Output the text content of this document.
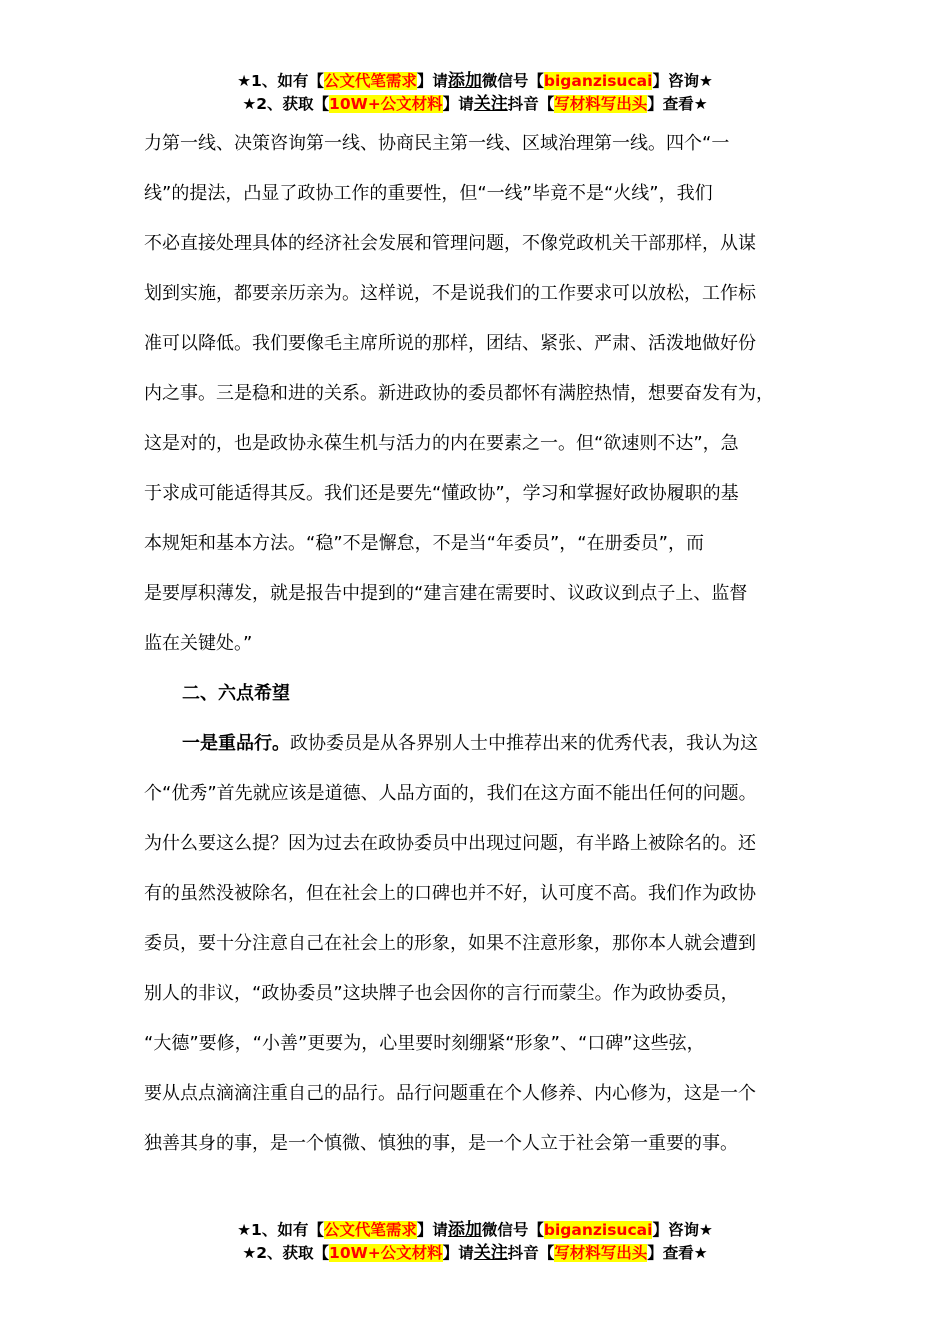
★1、如有【公文代笔需求】请添加微信号【biganzisucai】咨询★
★2、获取【10W+公文材料】请关注抖音【写材料写出头】查看★
力第一线、决策咨询第一线、协商民主第一线、区域治理第一线。四个“一
线”的提法，凸显了政协工作的重要性，但“一线”毕竟不是“火线”，我们
不必直接处理具体的经济社会发展和管理问题，不像党政机关干部那样，从谋
划到实施，都要亲历亲为。这样说，不是说我们的工作要求可以放松，工作标
准可以降低。我们要像毛主席所说的那样，团结、紧张、严肃、活泼地做好份
内之事。三是稳和进的关系。新进政协的委员都怀有满腔热情，想要奋发有为，
这是对的，也是政协永葆生机与活力的内在要素之一。但“欲速则不达”，急
于求成可能适得其反。我们还是要先“懂政协”，学习和掌握好政协履职的基
本规矩和基本方法。“稳”不是懈怠，不是当“年委员”，“在册委员”，而
是要厚积薄发，就是报告中提到的“建言建在需要时、议政议到点子上、监督
监在关键处。”
二、六点希望
一是重品行。政协委员是从各界别人士中推荐出来的优秀代表，我认为这
个“优秀”首先就应该是道德、人品方面的，我们在这方面不能出任何的问题。
为什么要这么提？因为过去在政协委员中出现过问题，有半路上被除名的。还
有的虽然没被除名，但在社会上的口碑也并不好，认可度不高。我们作为政协
委员，要十分注意自己在社会上的形象，如果不注意形象，那你本人就会遭到
别人的非议，“政协委员”这块牌子也会因你的言行而蒙尘。作为政协委员，
“大德”要修，“小善”更要为，心里要时刻绷紧“形象”、“口碑”这些弦，
要从点点滴滴注重自己的品行。品行问题重在个人修养、内心修为，这是一个
独善其身的事，是一个慎微、慎独的事，是一个人立于社会第一重要的事。
★1、如有【公文代笔需求】请添加微信号【biganzisucai】咨询★
★2、获取【10W+公文材料】请关注抖音【写材料写出头】查看★
